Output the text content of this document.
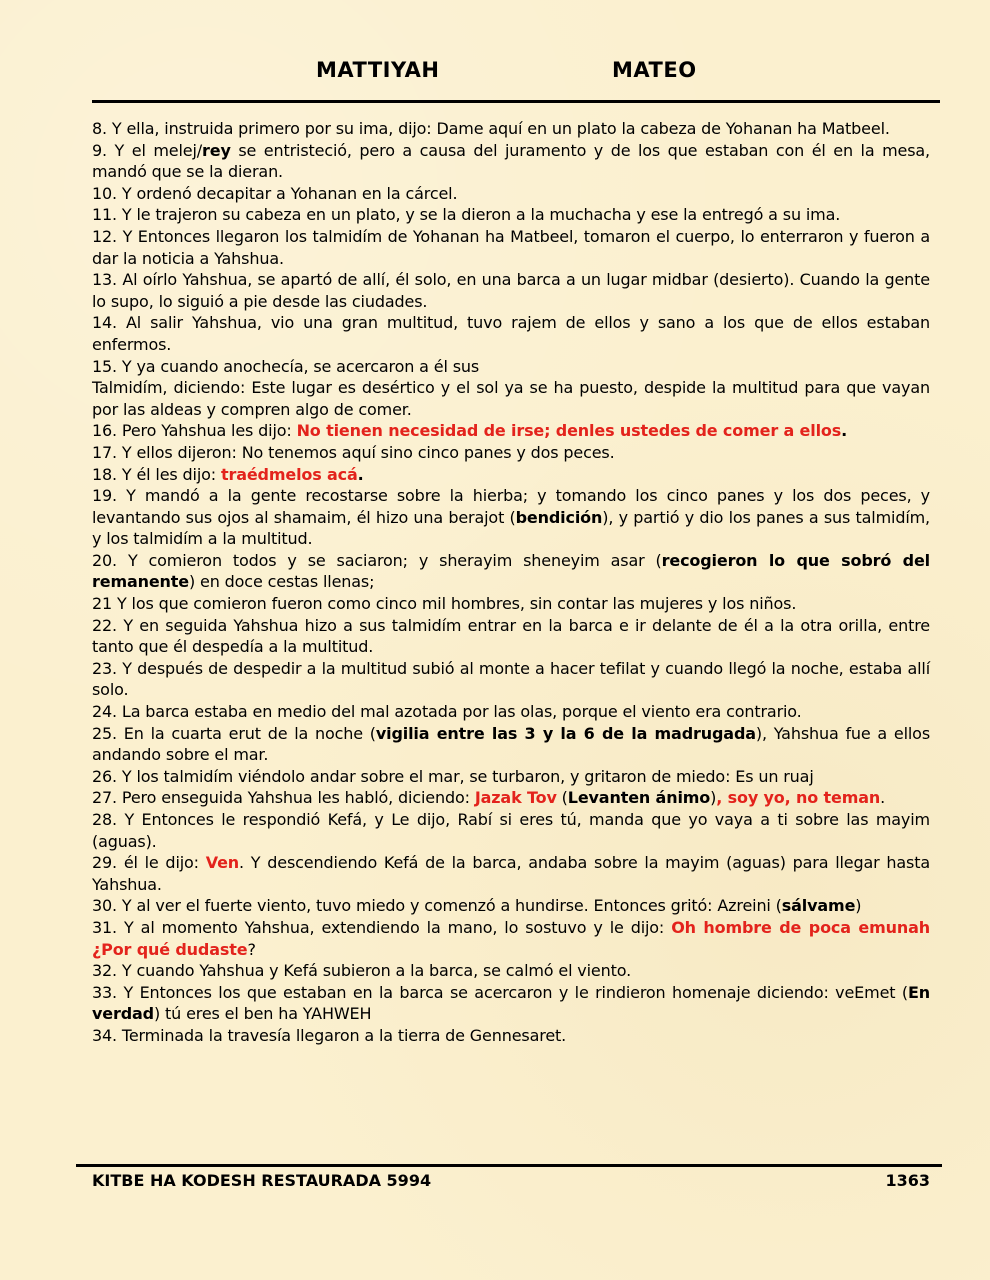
MATTIYAH	MATEO

8. Y ella, instruida primero por su ima, dijo: Dame aquí en un plato la cabeza de Yohanan ha Matbeel.

9. Y el melej/rey se entristeció, pero a causa del juramento y de los que estaban con él en la mesa, mandó que se la dieran.

10. Y ordenó decapitar a Yohanan en la cárcel.

11. Y le trajeron su cabeza en un plato, y se la dieron a la muchacha y ese la entregó a su ima.

12. Y Entonces llegaron los talmidím de Yohanan ha Matbeel, tomaron el cuerpo, lo enterraron y fueron a dar la noticia a Yahshua.

13. Al oírlo Yahshua, se apartó de allí, él solo, en una barca a un lugar midbar (desierto). Cuando la gente lo supo, lo siguió a pie desde las ciudades.

14. Al salir Yahshua, vio una gran multitud, tuvo rajem de ellos y sano a los que de ellos estaban enfermos.

15. Y ya cuando anochecía, se acercaron a él sus

Talmidím, diciendo: Este lugar es desértico y el sol ya se ha puesto, despide la multitud para que vayan por las aldeas y compren algo de comer.

16. Pero Yahshua les dijo: No tienen necesidad de irse; denles ustedes de comer a ellos.

17. Y ellos dijeron: No tenemos aquí sino cinco panes y dos peces.

18. Y él les dijo: traédmelos acá.

19. Y mandó a la gente recostarse sobre la hierba; y tomando los cinco panes y los dos peces, y levantando sus ojos al shamaim, él hizo una berajot (bendición), y partió y dio los panes a sus talmidím, y los talmidím a la multitud.

20. Y comieron todos y se saciaron; y sherayim sheneyim asar (recogieron lo que sobró del remanente) en doce cestas llenas;

21 Y los que comieron fueron como cinco mil hombres, sin contar las mujeres y los niños.

22. Y en seguida Yahshua hizo a sus talmidím entrar en la barca e ir delante de él a la otra orilla, entre tanto que él despedía a la multitud.

23. Y después de despedir a la multitud subió al monte a hacer tefilat y cuando llegó la noche, estaba allí solo.

24. La barca estaba en medio del mal azotada por las olas, porque el viento era contrario.

25. En la cuarta erut de la noche (vigilia entre las 3 y la 6 de la madrugada), Yahshua fue a ellos andando sobre el mar.

26. Y los talmidím viéndolo andar sobre el mar, se turbaron, y gritaron de miedo: Es un ruaj

27. Pero enseguida Yahshua les habló, diciendo: Jazak Tov (Levanten ánimo), soy yo, no teman.

28. Y Entonces le respondió Kefá, y Le dijo, Rabí si eres tú, manda que yo vaya a ti sobre las mayim (aguas).

29. él le dijo: Ven. Y descendiendo Kefá de la barca, andaba sobre la mayim (aguas) para llegar hasta Yahshua.

30. Y al ver el fuerte viento, tuvo miedo y comenzó a hundirse. Entonces gritó: Azreini (sálvame)

31. Y al momento Yahshua, extendiendo la mano, lo sostuvo y le dijo: Oh hombre de poca emunah ¿Por qué dudaste?

32. Y cuando Yahshua y Kefá subieron a la barca, se calmó el viento.

33. Y Entonces los que estaban en la barca se acercaron y le rindieron homenaje diciendo: veEmet (En verdad) tú eres el ben ha YAHWEH

34. Terminada la travesía llegaron a la tierra de Gennesaret.

KITBE HA KODESH RESTAURADA 5994	1363
